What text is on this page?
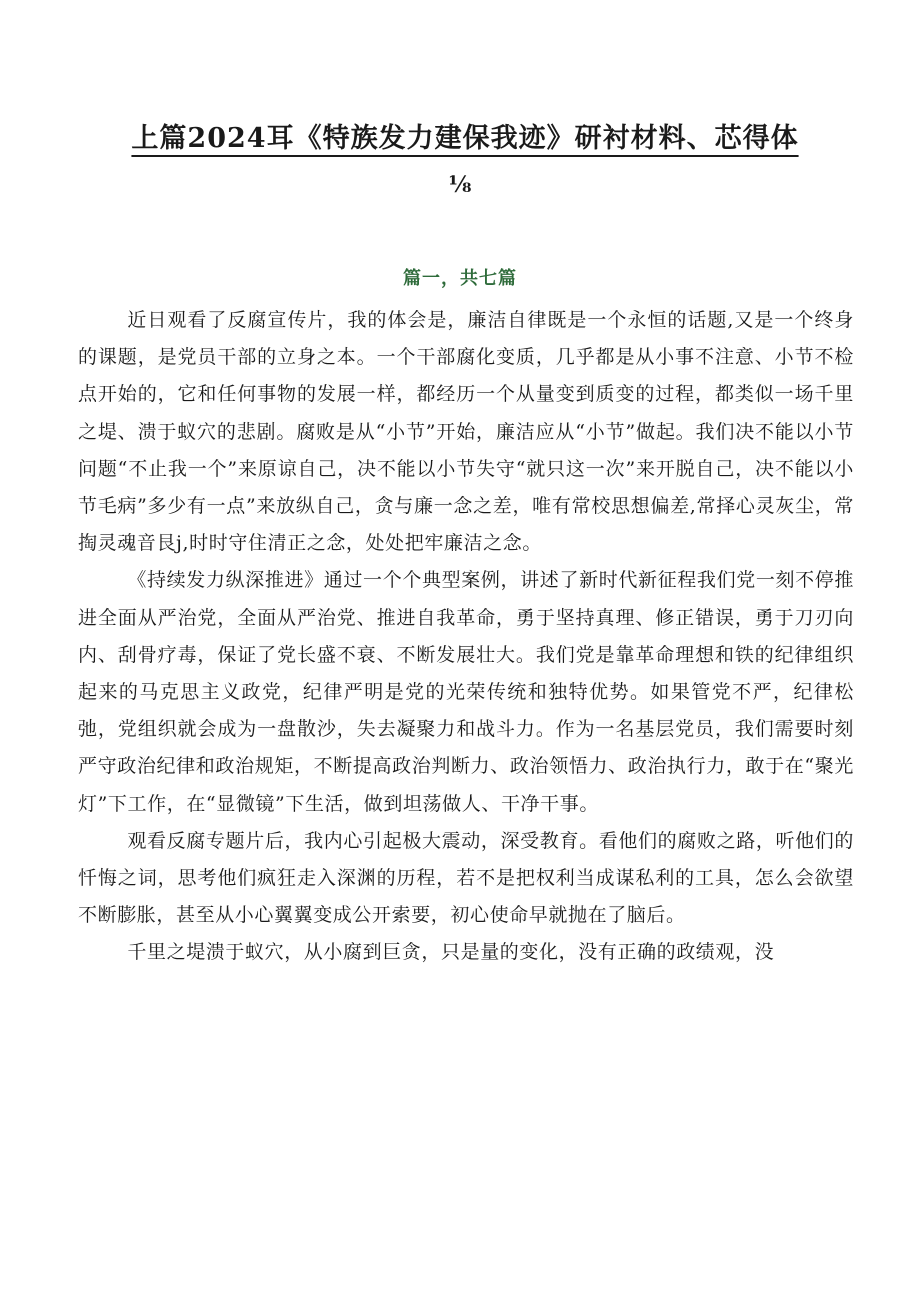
上篇2024耳《特族发力建保我迹》研衬材料、芯得体
⅛
篇一，共七篇

近日观看了反腐宣传片，我的体会是，廉洁自律既是一个永恒的话题,又是一个终身的课题，是党员干部的立身之本。一个干部腐化变质，几乎都是从小事不注意、小节不检点开始的，它和任何事物的发展一样，都经历一个从量变到质变的过程，都类似一场千里之堤、溃于蚁穴的悲剧。腐败是从“小节”开始，廉洁应从“小节”做起。我们决不能以小节问题“不止我一个”来原谅自己，决不能以小节失守“就只这一次”来开脱自己，决不能以小节毛病”多少有一点”来放纵自己，贪与廉一念之差，唯有常校思想偏差,常择心灵灰尘，常掏灵魂音艮j,时时守住清正之念，处处把牢廉洁之念。

《持续发力纵深推进》通过一个个典型案例，讲述了新时代新征程我们党一刻不停推进全面从严治党，全面从严治党、推进自我革命，勇于坚持真理、修正错误，勇于刀刃向内、刮骨疗毒，保证了党长盛不衰、不断发展壮大。我们党是靠革命理想和铁的纪律组织起来的马克思主义政党，纪律严明是党的光荣传统和独特优势。如果管党不严，纪律松弛，党组织就会成为一盘散沙，失去凝聚力和战斗力。作为一名基层党员，我们需要时刻严守政治纪律和政治规矩，不断提高政治判断力、政治领悟力、政治执行力，敢于在“聚光灯”下工作，在“显微镜”下生活，做到坦荡做人、干净干事。

观看反腐专题片后，我内心引起极大震动，深受教育。看他们的腐败之路，听他们的忏悔之词，思考他们疯狂走入深渊的历程，若不是把权利当成谋私利的工具，怎么会欲望不断膨胀，甚至从小心翼翼变成公开索要，初心使命早就抛在了脑后。

千里之堤溃于蚁穴，从小腐到巨贪，只是量的变化，没有正确的政绩观，没
